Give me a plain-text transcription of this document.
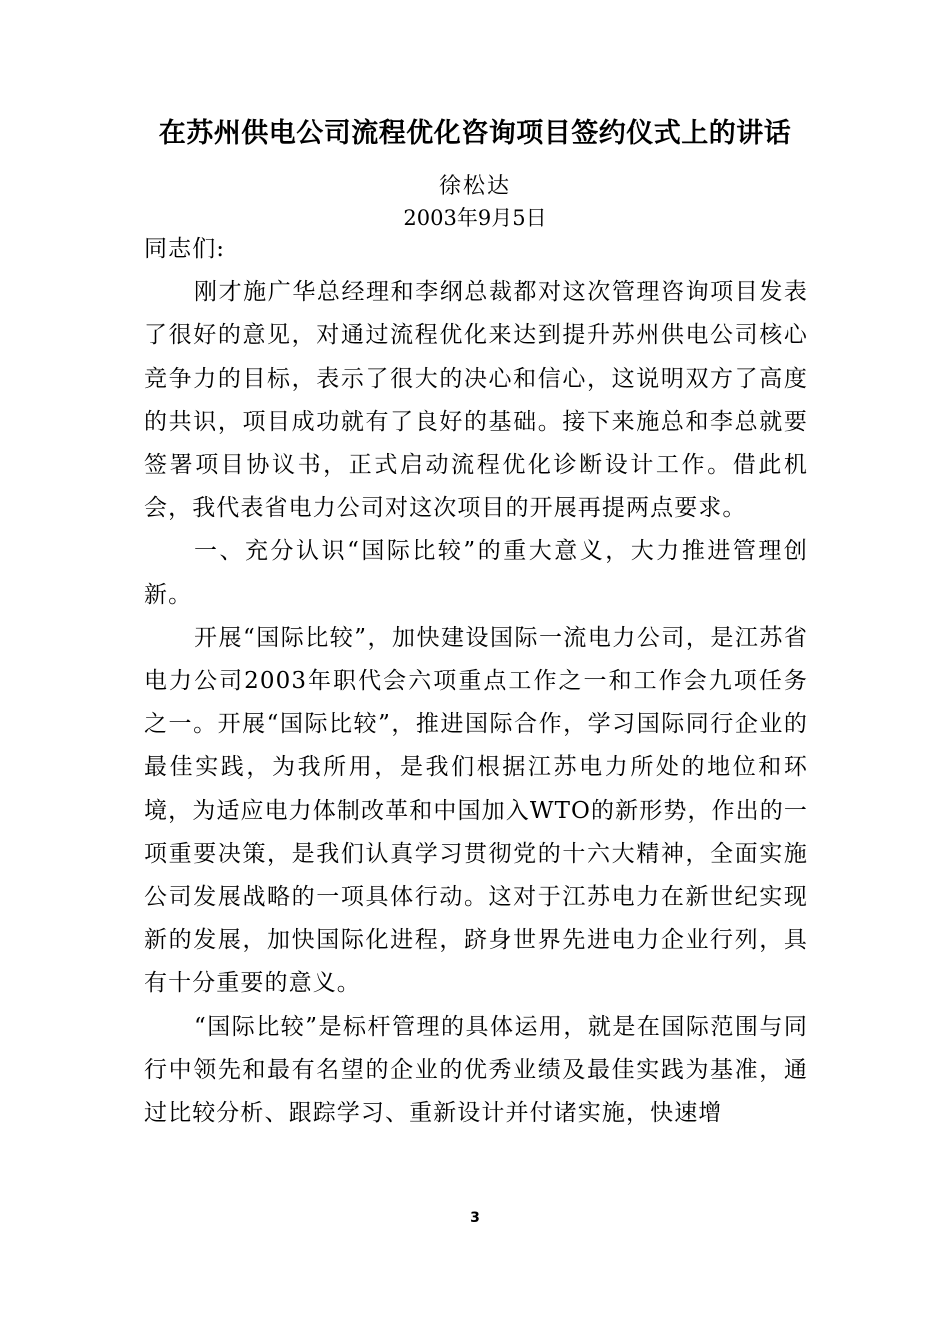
在苏州供电公司流程优化咨询项目签约仪式上的讲话
徐松达
2003年9月5日

同志们:

刚才施广华总经理和李纲总裁都对这次管理咨询项目发表了很好的意见，对通过流程优化来达到提升苏州供电公司核心竞争力的目标，表示了很大的决心和信心，这说明双方了高度的共识，项目成功就有了良好的基础。接下来施总和李总就要签署项目协议书，正式启动流程优化诊断设计工作。借此机会，我代表省电力公司对这次项目的开展再提两点要求。

一、充分认识“国际比较”的重大意义，大力推进管理创新。

开展“国际比较”，加快建设国际一流电力公司，是江苏省电力公司2003年职代会六项重点工作之一和工作会九项任务之一。开展“国际比较”，推进国际合作，学习国际同行企业的最佳实践，为我所用，是我们根据江苏电力所处的地位和环境，为适应电力体制改革和中国加入WTO的新形势，作出的一项重要决策，是我们认真学习贯彻党的十六大精神，全面实施公司发展战略的一项具体行动。这对于江苏电力在新世纪实现新的发展，加快国际化进程，跻身世界先进电力企业行列，具有十分重要的意义。

“国际比较”是标杆管理的具体运用，就是在国际范围与同行中领先和最有名望的企业的优秀业绩及最佳实践为基准，通过比较分析、跟踪学习、重新设计并付诸实施，快速增

3
